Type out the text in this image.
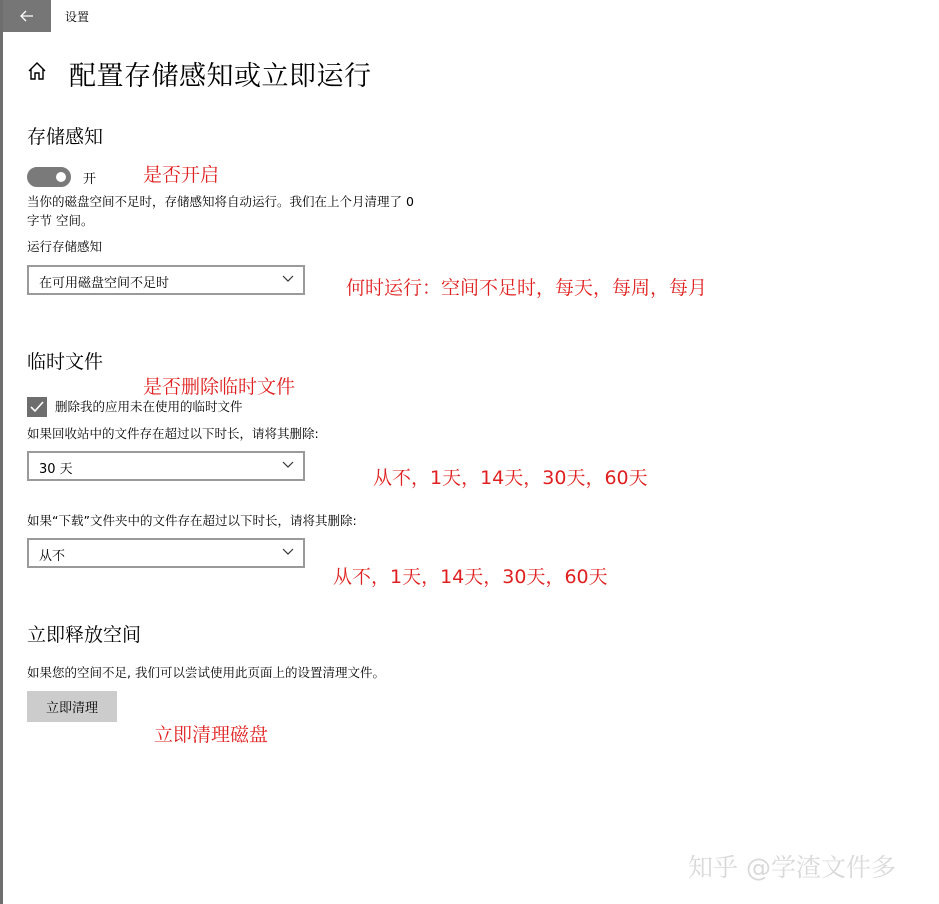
设置
配置存储感知或立即运行
存储感知
开
当你的磁盘空间不足时，存储感知将自动运行。我们在上个月清理了 0
字节 空间。
运行存储感知
在可用磁盘空间不足时
临时文件
删除我的应用未在使用的临时文件
如果回收站中的文件存在超过以下时长，请将其删除:
30 天
如果“下载”文件夹中的文件存在超过以下时长，请将其删除:
从不
立即释放空间
如果您的空间不足, 我们可以尝试使用此页面上的设置清理文件。
立即清理
是否开启
何时运行：空间不足时，每天，每周，每月
是否删除临时文件
从不，1天，14天，30天，60天
从不，1天，14天，30天，60天
立即清理磁盘
知乎 @学渣文件多
